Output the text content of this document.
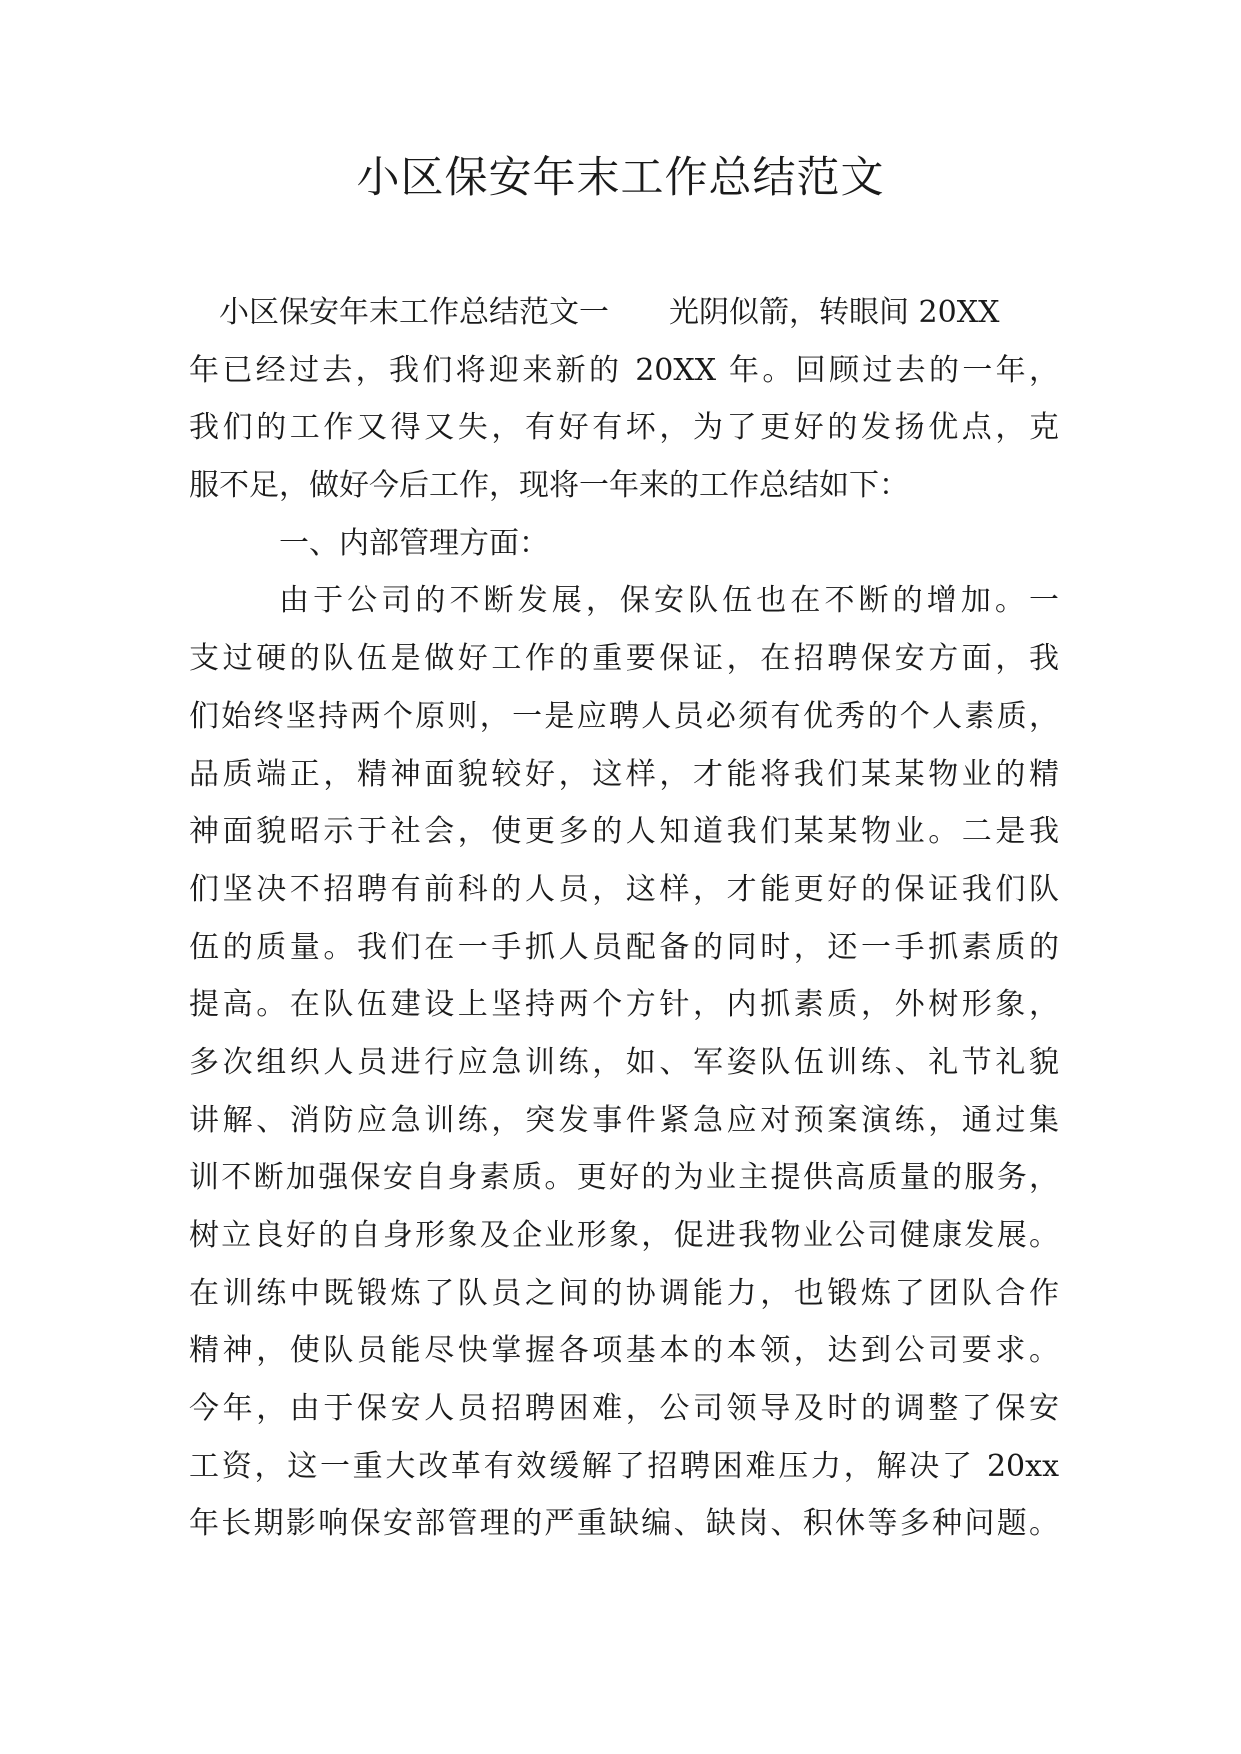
小区保安年末工作总结范文
小区保安年末工作总结范文一　　光阴似箭，转眼间 20XX
年已经过去，我们将迎来新的 20XX 年。回顾过去的一年，
我们的工作又得又失，有好有坏，为了更好的发扬优点，克
服不足，做好今后工作，现将一年来的工作总结如下：
一、内部管理方面：
由于公司的不断发展，保安队伍也在不断的增加。一
支过硬的队伍是做好工作的重要保证，在招聘保安方面，我
们始终坚持两个原则，一是应聘人员必须有优秀的个人素质，
品质端正，精神面貌较好，这样，才能将我们某某物业的精
神面貌昭示于社会，使更多的人知道我们某某物业。二是我
们坚决不招聘有前科的人员，这样，才能更好的保证我们队
伍的质量。我们在一手抓人员配备的同时，还一手抓素质的
提高。在队伍建设上坚持两个方针，内抓素质，外树形象，
多次组织人员进行应急训练，如、军姿队伍训练、礼节礼貌
讲解、消防应急训练，突发事件紧急应对预案演练，通过集
训不断加强保安自身素质。更好的为业主提供高质量的服务，
树立良好的自身形象及企业形象，促进我物业公司健康发展。
在训练中既锻炼了队员之间的协调能力，也锻炼了团队合作
精神，使队员能尽快掌握各项基本的本领，达到公司要求。
今年，由于保安人员招聘困难，公司领导及时的调整了保安
工资，这一重大改革有效缓解了招聘困难压力，解决了 20xx
年长期影响保安部管理的严重缺编、缺岗、积休等多种问题。
